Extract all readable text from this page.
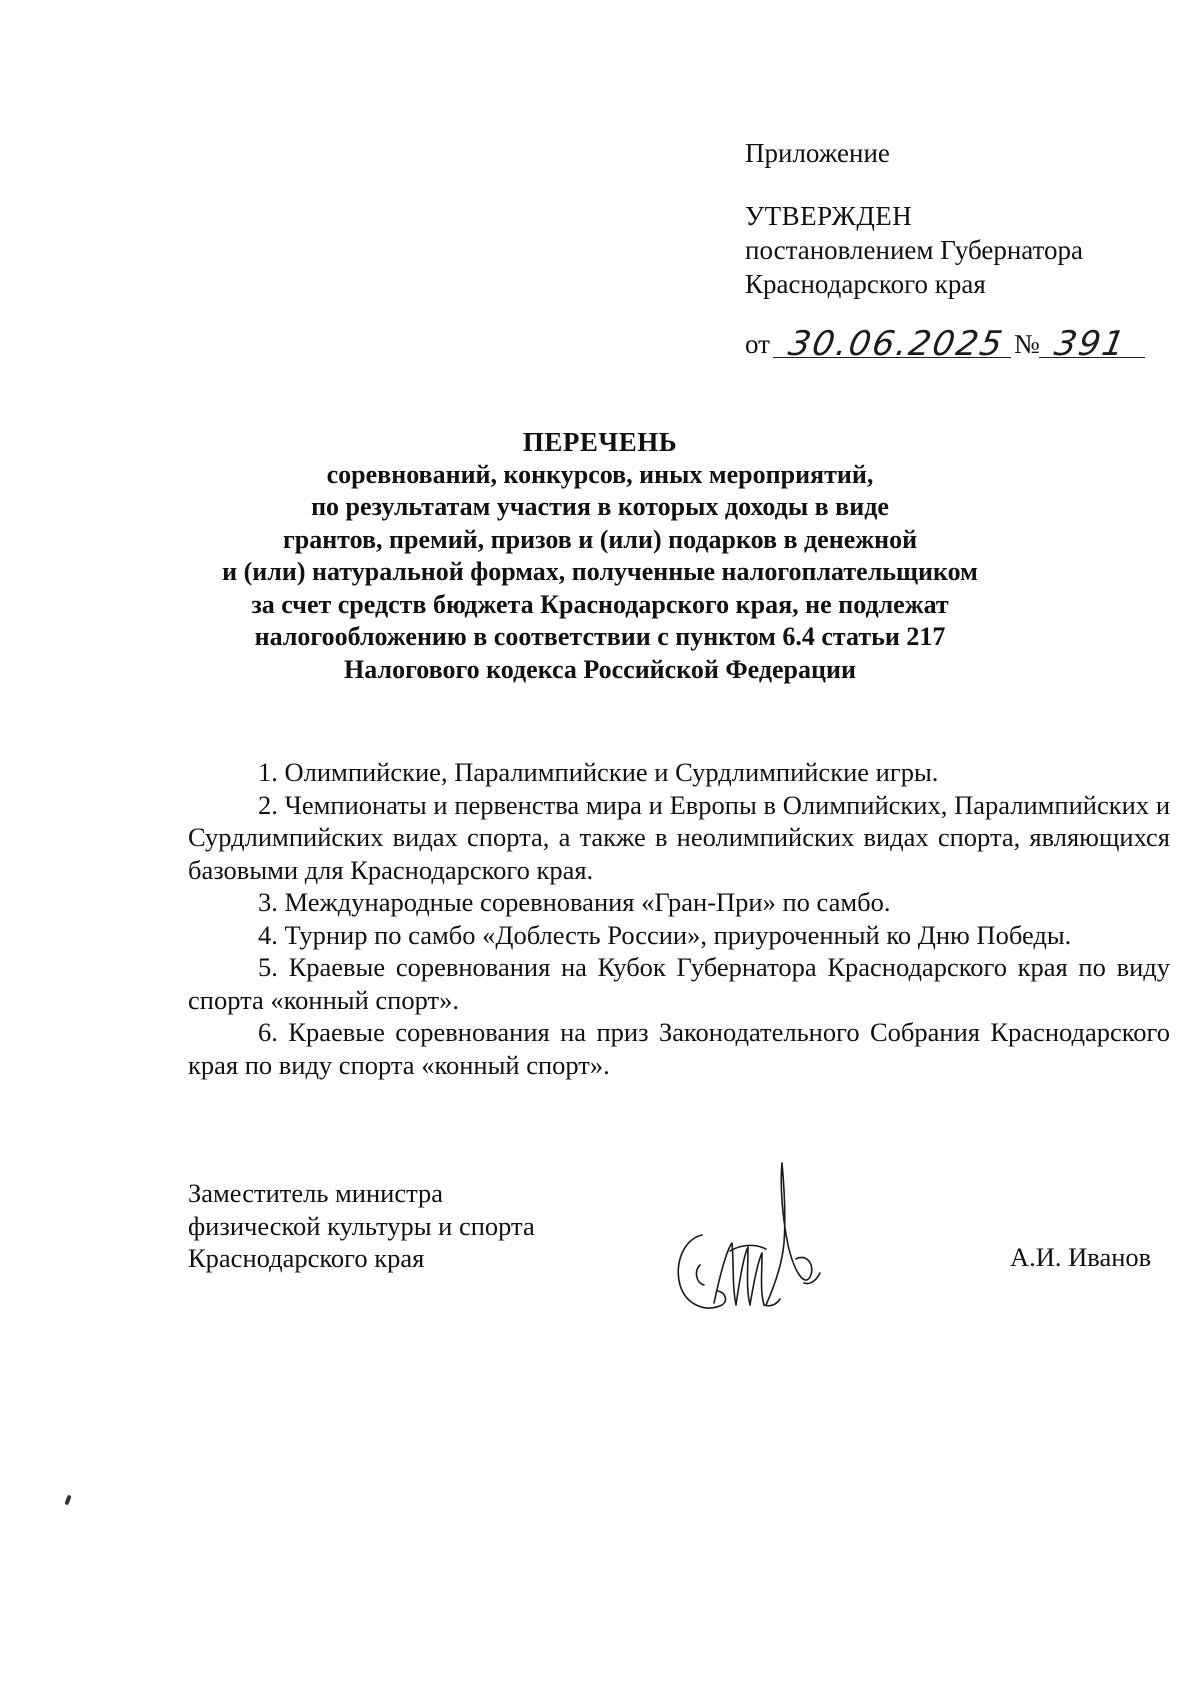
Приложение
УТВЕРЖДЕН
постановлением Губернатора
Краснодарского края
от 30.06.2025 № 391
ПЕРЕЧЕНЬ
соревнований, конкурсов, иных мероприятий,
по результатам участия в которых доходы в виде
грантов, премий, призов и (или) подарков в денежной
и (или) натуральной формах, полученные налогоплательщиком
за счет средств бюджета Краснодарского края, не подлежат
налогообложению в соответствии с пунктом 6.4 статьи 217
Налогового кодекса Российской Федерации

1. Олимпийские, Паралимпийские и Сурдлимпийские игры.

2. Чемпионаты и первенства мира и Европы в Олимпийских, Паралимпийских и Сурдлимпийских видах спорта, а также в неолимпийских видах спорта, являющихся базовыми для Краснодарского края.

3. Международные соревнования «Гран-При» по самбо.

4. Турнир по самбо «Доблесть России», приуроченный ко Дню Победы.

5. Краевые соревнования на Кубок Губернатора Краснодарского края по виду спорта «конный спорт».

6. Краевые соревнования на приз Законодательного Собрания Краснодарского края по виду спорта «конный спорт».

Заместитель министра
физической культуры и спорта
Краснодарского края	А.И. Иванов
